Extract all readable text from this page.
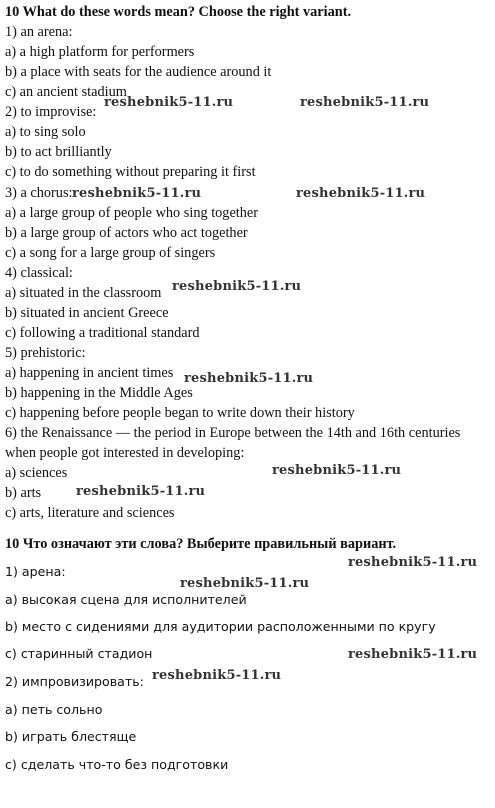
10 What do these words mean? Choose the right variant.
1) an arena:
a) a high platform for performers
b) a place with seats for the audience around it
c) an ancient stadium
2) to improvise:
a) to sing solo
b) to act brilliantly
c) to do something without preparing it first
3) a chorus:
a) a large group of people who sing together
b) a large group of actors who act together
c) a song for a large group of singers
4) classical:
a) situated in the classroom
b) situated in ancient Greece
c) following a traditional standard
5) prehistoric:
a) happening in ancient times
b) happening in the Middle Ages
c) happening before people began to write down their history
6) the Renaissance — the period in Europe between the 14th and 16th centuries
when people got interested in developing:
a) sciences
b) arts
c) arts, literature and sciences
10 Что означают эти слова? Выберите правильный вариант.
1) арена:
а) высокая сцена для исполнителей
b) место с сидениями для аудитории расположенными по кругу
с) старинный стадион
2) импровизировать:
а) петь сольно
b) играть блестяще
с) сделать что-то без подготовки
reshebnik5-11.ru	reshebnik5-11.ru
reshebnik5-11.ru	reshebnik5-11.ru
reshebnik5-11.ru
reshebnik5-11.ru
reshebnik5-11.ru
reshebnik5-11.ru
reshebnik5-11.ru
reshebnik5-11.ru
reshebnik5-11.ru
reshebnik5-11.ru
